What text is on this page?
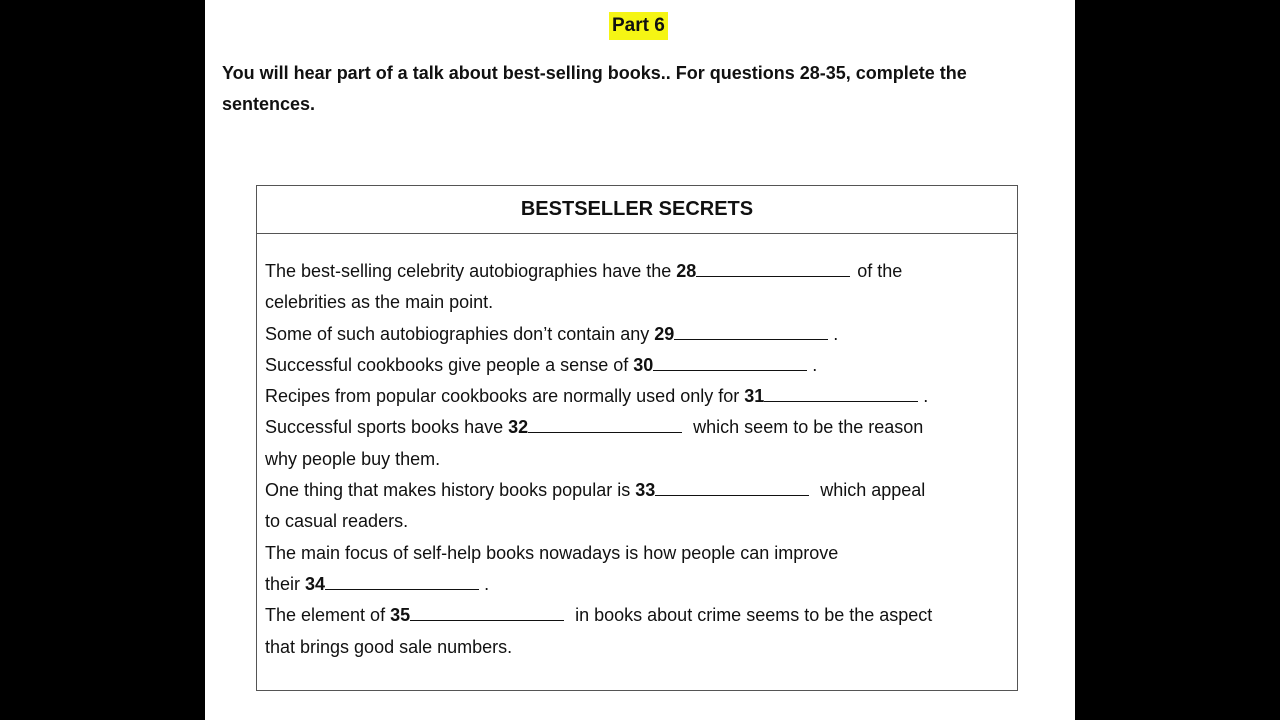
Part 6
You will hear part of a talk about best-selling books.. For questions 28-35, complete the sentences.
BESTSELLER SECRETS
The best-selling celebrity autobiographies have the 28	of the
celebrities as the main point.
Some of such autobiographies don’t contain any 29	.
Successful cookbooks give people a sense of 30	.
Recipes from popular cookbooks are normally used only for 31	.
Successful sports books have 32	which seem to be the reason
why people buy them.
One thing that makes history books popular is 33	which appeal
to casual readers.
The main focus of self-help books nowadays is how people can improve
their 34	.
The element of 35	in books about crime seems to be the aspect
that brings good sale numbers.
